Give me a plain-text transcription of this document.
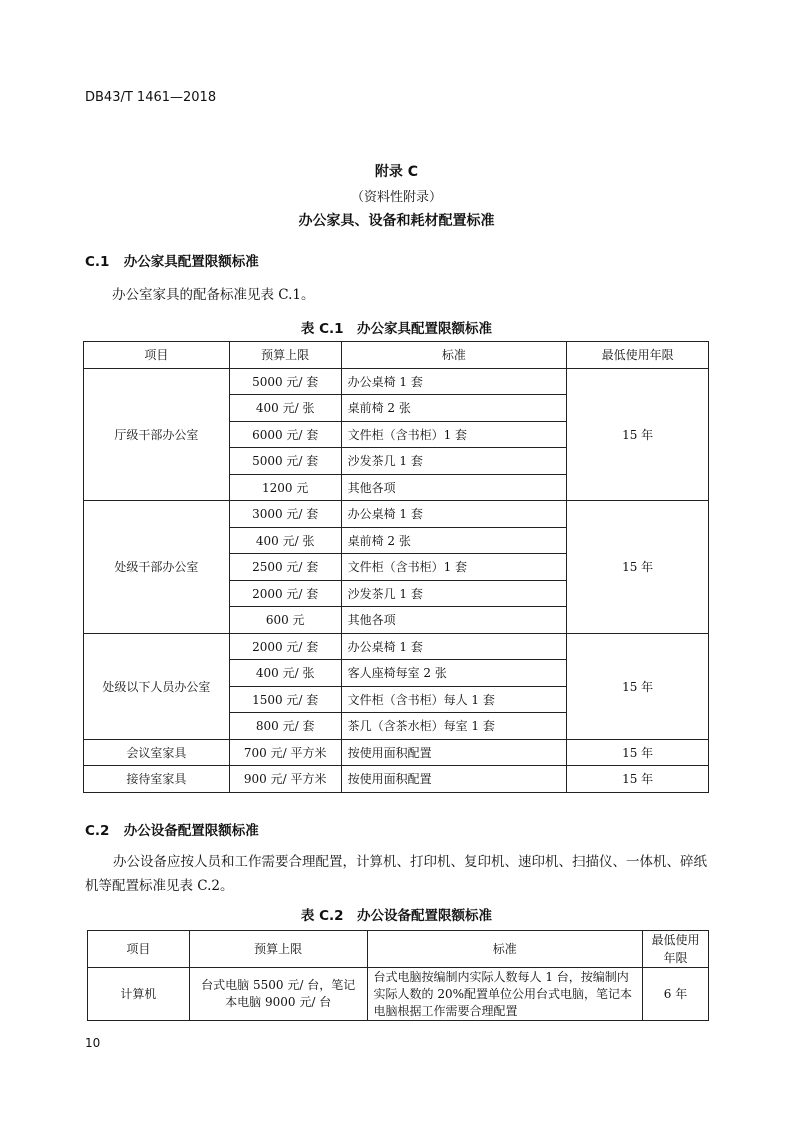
DB43/T 1461—2018
附录 C
（资料性附录）
办公家具、设备和耗材配置标准
C.1 办公家具配置限额标准
办公室家具的配备标准见表 C.1。
表 C.1　办公家具配置限额标准
项目	预算上限	标准	最低使用年限
厅级干部办公室	5000 元/ 套	办公桌椅 1 套	15 年
	400 元/ 张	桌前椅 2 张	
	6000 元/ 套	文件柜（含书柜）1 套	
	5000 元/ 套	沙发茶几 1 套	
	1200 元	其他各项	
处级干部办公室	3000 元/ 套	办公桌椅 1 套	15 年
	400 元/ 张	桌前椅 2 张	
	2500 元/ 套	文件柜（含书柜）1 套	
	2000 元/ 套	沙发茶几 1 套	
	600 元	其他各项	
处级以下人员办公室	2000 元/ 套	办公桌椅 1 套	15 年
	400 元/ 张	客人座椅每室 2 张	
	1500 元/ 套	文件柜（含书柜）每人 1 套	
	800 元/ 套	茶几（含茶水柜）每室 1 套	
会议室家具	700 元/ 平方米	按使用面积配置	15 年
接待室家具	900 元/ 平方米	按使用面积配置	15 年
C.2 办公设备配置限额标准
办公设备应按人员和工作需要合理配置，计算机、打印机、复印机、速印机、扫描仪、一体机、碎纸机等配置标准见表 C.2。
表 C.2　办公设备配置限额标准
项目	预算上限	标准	最低使用年限
计算机	台式电脑 5500 元/ 台，笔记本电脑 9000 元/ 台	台式电脑按编制内实际人数每人 1 台，按编制内实际人数的 20%配置单位公用台式电脑，笔记本电脑根据工作需要合理配置	6 年
10
